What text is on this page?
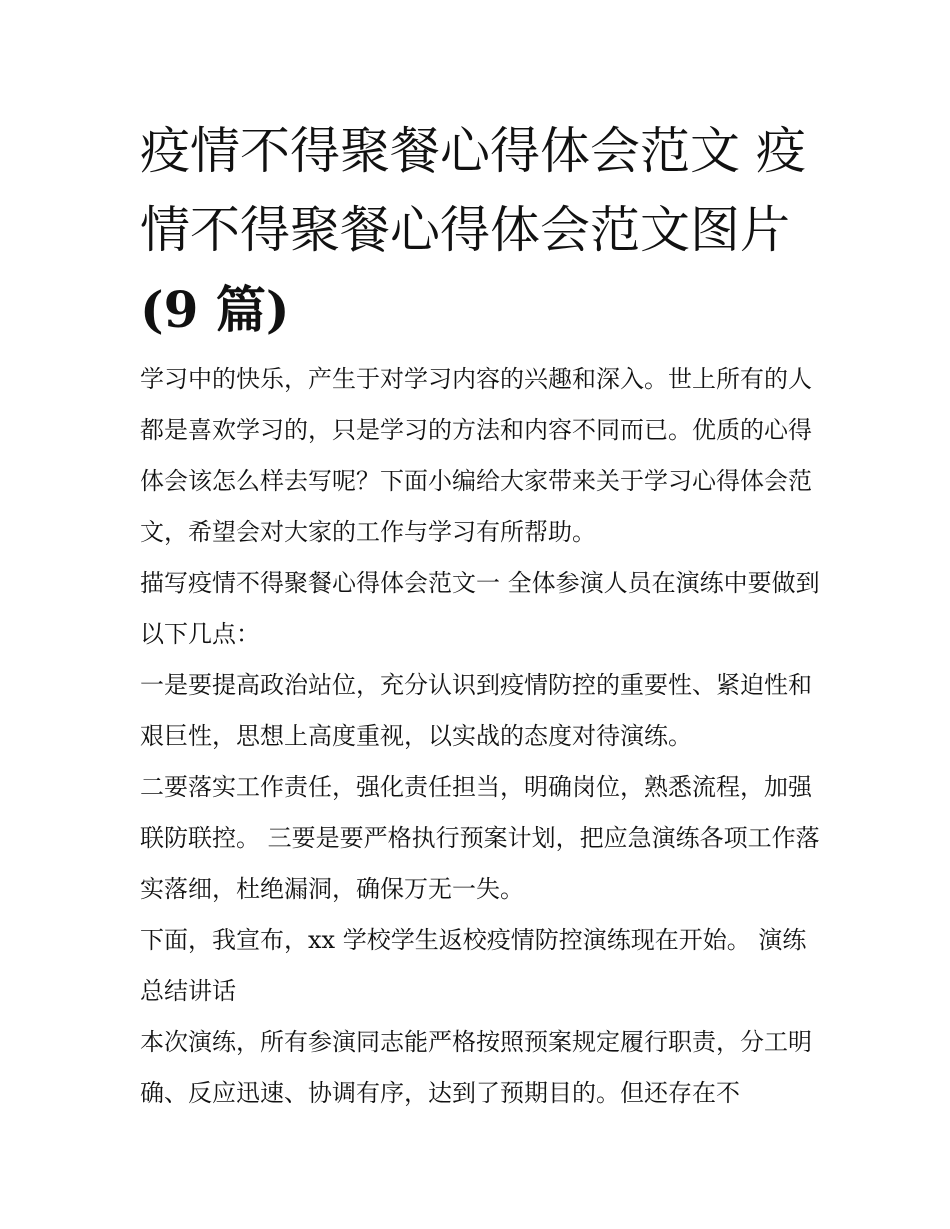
疫情不得聚餐心得体会范文 疫情不得聚餐心得体会范文图片
(9 篇)

学习中的快乐，产生于对学习内容的兴趣和深入。世上所有的人都是喜欢学习的，只是学习的方法和内容不同而已。优质的心得体会该怎么样去写呢？下面小编给大家带来关于学习心得体会范文，希望会对大家的工作与学习有所帮助。

描写疫情不得聚餐心得体会范文一 全体参演人员在演练中要做到以下几点：

一是要提高政治站位，充分认识到疫情防控的重要性、紧迫性和艰巨性，思想上高度重视，以实战的态度对待演练。

二要落实工作责任，强化责任担当，明确岗位，熟悉流程，加强联防联控。 三要是要严格执行预案计划，把应急演练各项工作落实落细，杜绝漏洞，确保万无一失。

下面，我宣布，xx 学校学生返校疫情防控演练现在开始。 演练总结讲话

本次演练，所有参演同志能严格按照预案规定履行职责，分工明确、反应迅速、协调有序，达到了预期目的。但还存在不
